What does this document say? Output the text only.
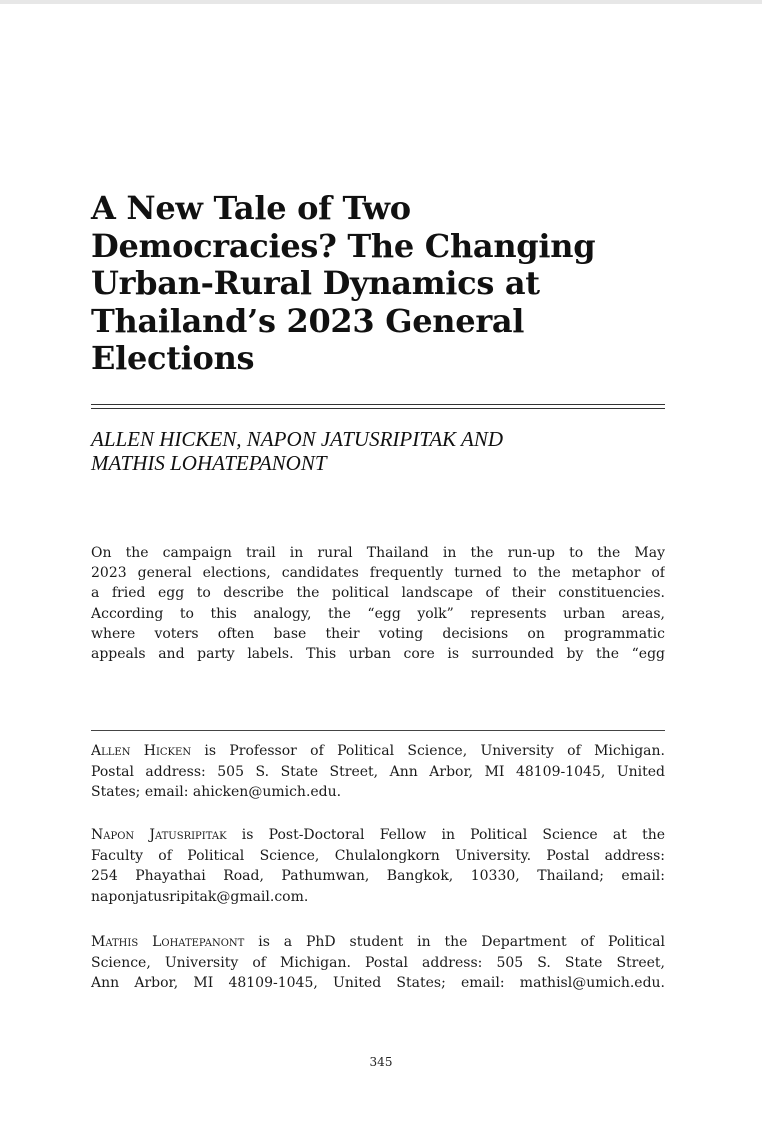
A New Tale of Two
Democracies? The Changing
Urban-Rural Dynamics at
Thailand’s 2023 General
Elections
ALLEN HICKEN, NAPON JATUSRIPITAK AND
MATHIS LOHATEPANONT
On the campaign trail in rural Thailand in the run-up to the May
2023 general elections, candidates frequently turned to the metaphor of
a fried egg to describe the political landscape of their constituencies.
According to this analogy, the “egg yolk” represents urban areas,
where voters often base their voting decisions on programmatic
appeals and party labels. This urban core is surrounded by the “egg
Allen Hicken is Professor of Political Science, University of Michigan.
Postal address: 505 S. State Street, Ann Arbor, MI 48109-1045, United
States; email: ahicken@umich.edu.
Napon Jatusripitak is Post-Doctoral Fellow in Political Science at the
Faculty of Political Science, Chulalongkorn University. Postal address:
254 Phayathai Road, Pathumwan, Bangkok, 10330, Thailand; email:
naponjatusripitak@gmail.com.
Mathis Lohatepanont is a PhD student in the Department of Political
Science, University of Michigan. Postal address: 505 S. State Street,
Ann Arbor, MI 48109-1045, United States; email: mathisl@umich.edu.
345
